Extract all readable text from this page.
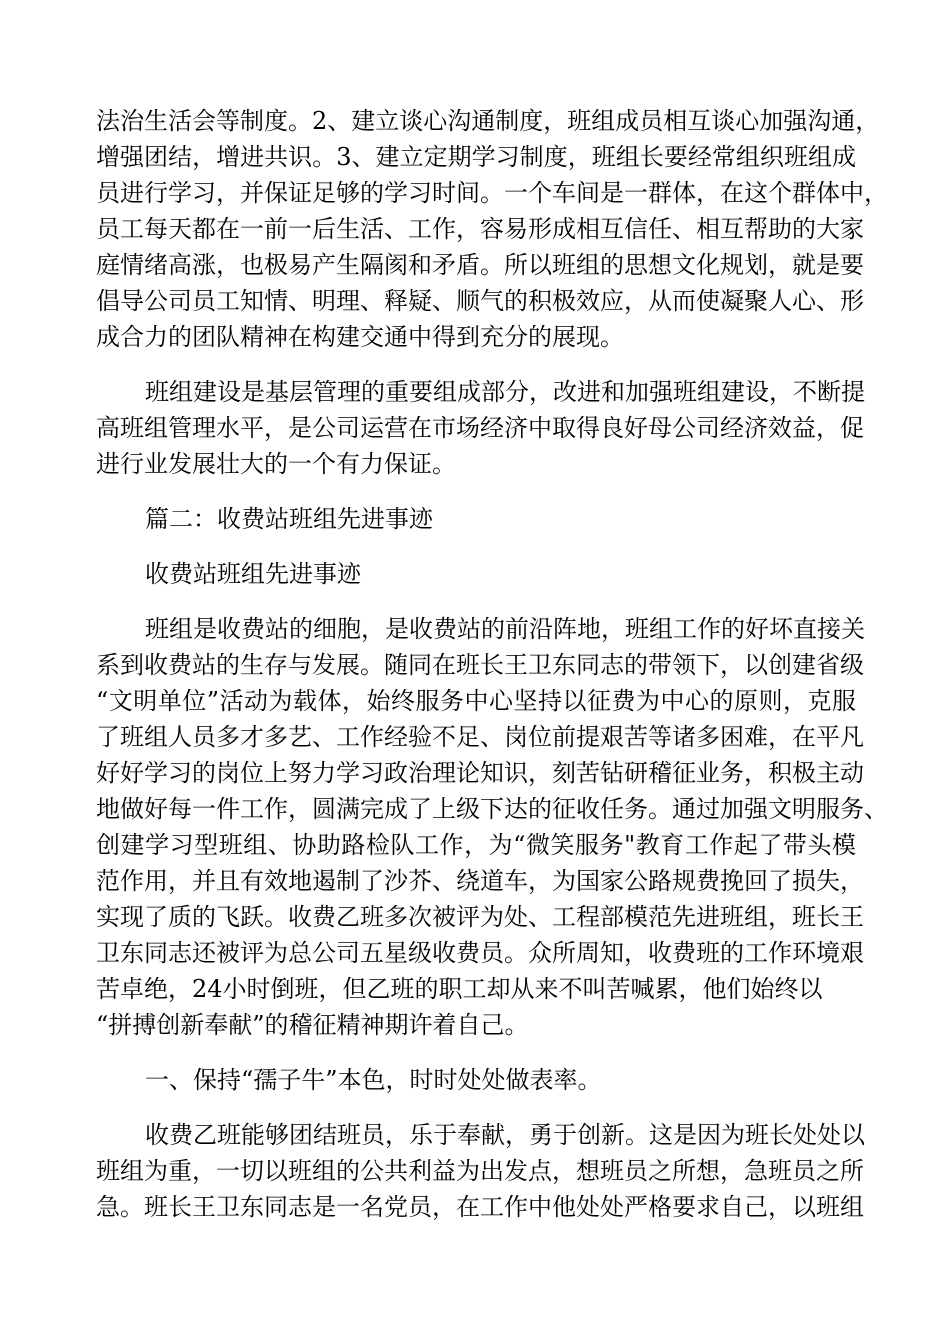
法治生活会等制度。2、建立谈心沟通制度，班组成员相互谈心加强沟通，
增强团结，增进共识。3、建立定期学习制度，班组长要经常组织班组成
员进行学习，并保证足够的学习时间。一个车间是一群体，在这个群体中，
员工每天都在一前一后生活、工作，容易形成相互信任、相互帮助的大家
庭情绪高涨，也极易产生隔阂和矛盾。所以班组的思想文化规划，就是要
倡导公司员工知情、明理、释疑、顺气的积极效应，从而使凝聚人心、形
成合力的团队精神在构建交通中得到充分的展现。
班组建设是基层管理的重要组成部分，改进和加强班组建设，不断提
高班组管理水平，是公司运营在市场经济中取得良好母公司经济效益，促
进行业发展壮大的一个有力保证。
篇二：收费站班组先进事迹
收费站班组先进事迹
班组是收费站的细胞，是收费站的前沿阵地，班组工作的好坏直接关
系到收费站的生存与发展。随同在班长王卫东同志的带领下，以创建省级
“文明单位”活动为载体，始终服务中心坚持以征费为中心的原则，克服
了班组人员多才多艺、工作经验不足、岗位前提艰苦等诸多困难，在平凡
好好学习的岗位上努力学习政治理论知识，刻苦钻研稽征业务，积极主动
地做好每一件工作，圆满完成了上级下达的征收任务。通过加强文明服务、
创建学习型班组、协助路检队工作，为“微笑服务"教育工作起了带头模
范作用，并且有效地遏制了沙芥、绕道车，为国家公路规费挽回了损失，
实现了质的飞跃。收费乙班多次被评为处、工程部模范先进班组，班长王
卫东同志还被评为总公司五星级收费员。众所周知，收费班的工作环境艰
苦卓绝，24小时倒班，但乙班的职工却从来不叫苦喊累，他们始终以
“拼搏创新奉献”的稽征精神期许着自己。
一、保持“孺子牛”本色，时时处处做表率。
收费乙班能够团结班员，乐于奉献，勇于创新。这是因为班长处处以
班组为重，一切以班组的公共利益为出发点，想班员之所想，急班员之所
急。班长王卫东同志是一名党员，在工作中他处处严格要求自己，以班组
